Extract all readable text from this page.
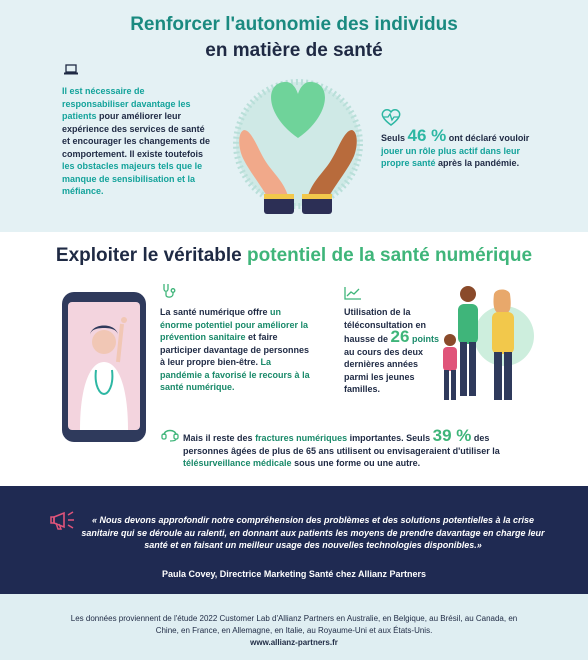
Renforcer l'autonomie des individus
en matière de santé
Il est nécessaire de responsabiliser davantage les patients pour améliorer leur expérience des services de santé et encourager les changements de comportement. Il existe toutefois les obstacles majeurs tels que le manque de sensibilisation et la méfiance.
Seuls 46 % ont déclaré vouloir jouer un rôle plus actif dans leur propre santé après la pandémie.
Exploiter le véritable potentiel de la santé numérique
La santé numérique offre un énorme potentiel pour améliorer la prévention sanitaire et faire participer davantage de personnes à leur propre bien-être. La pandémie a favorisé le recours à la santé numérique.
Utilisation de la téléconsultation en hausse de 26 points au cours des deux dernières années parmi les jeunes familles.
Mais il reste des fractures numériques importantes. Seuls 39 % des personnes âgées de plus de 65 ans utilisent ou envisageraient d'utiliser la télésurveillance médicale sous une forme ou une autre.
« Nous devons approfondir notre compréhension des problèmes et des solutions potentielles à la crise sanitaire qui se déroule au ralenti, en donnant aux patients les moyens de prendre davantage en charge leur santé et en faisant un meilleur usage des nouvelles technologies disponibles.»
Paula Covey, Directrice Marketing Santé chez Allianz Partners
Les données proviennent de l'étude 2022 Customer Lab d'Allianz Partners en Australie, en Belgique, au Brésil, au Canada, en Chine, en France, en Allemagne, en Italie, au Royaume-Uni et aux États-Unis.
www.allianz-partners.fr
